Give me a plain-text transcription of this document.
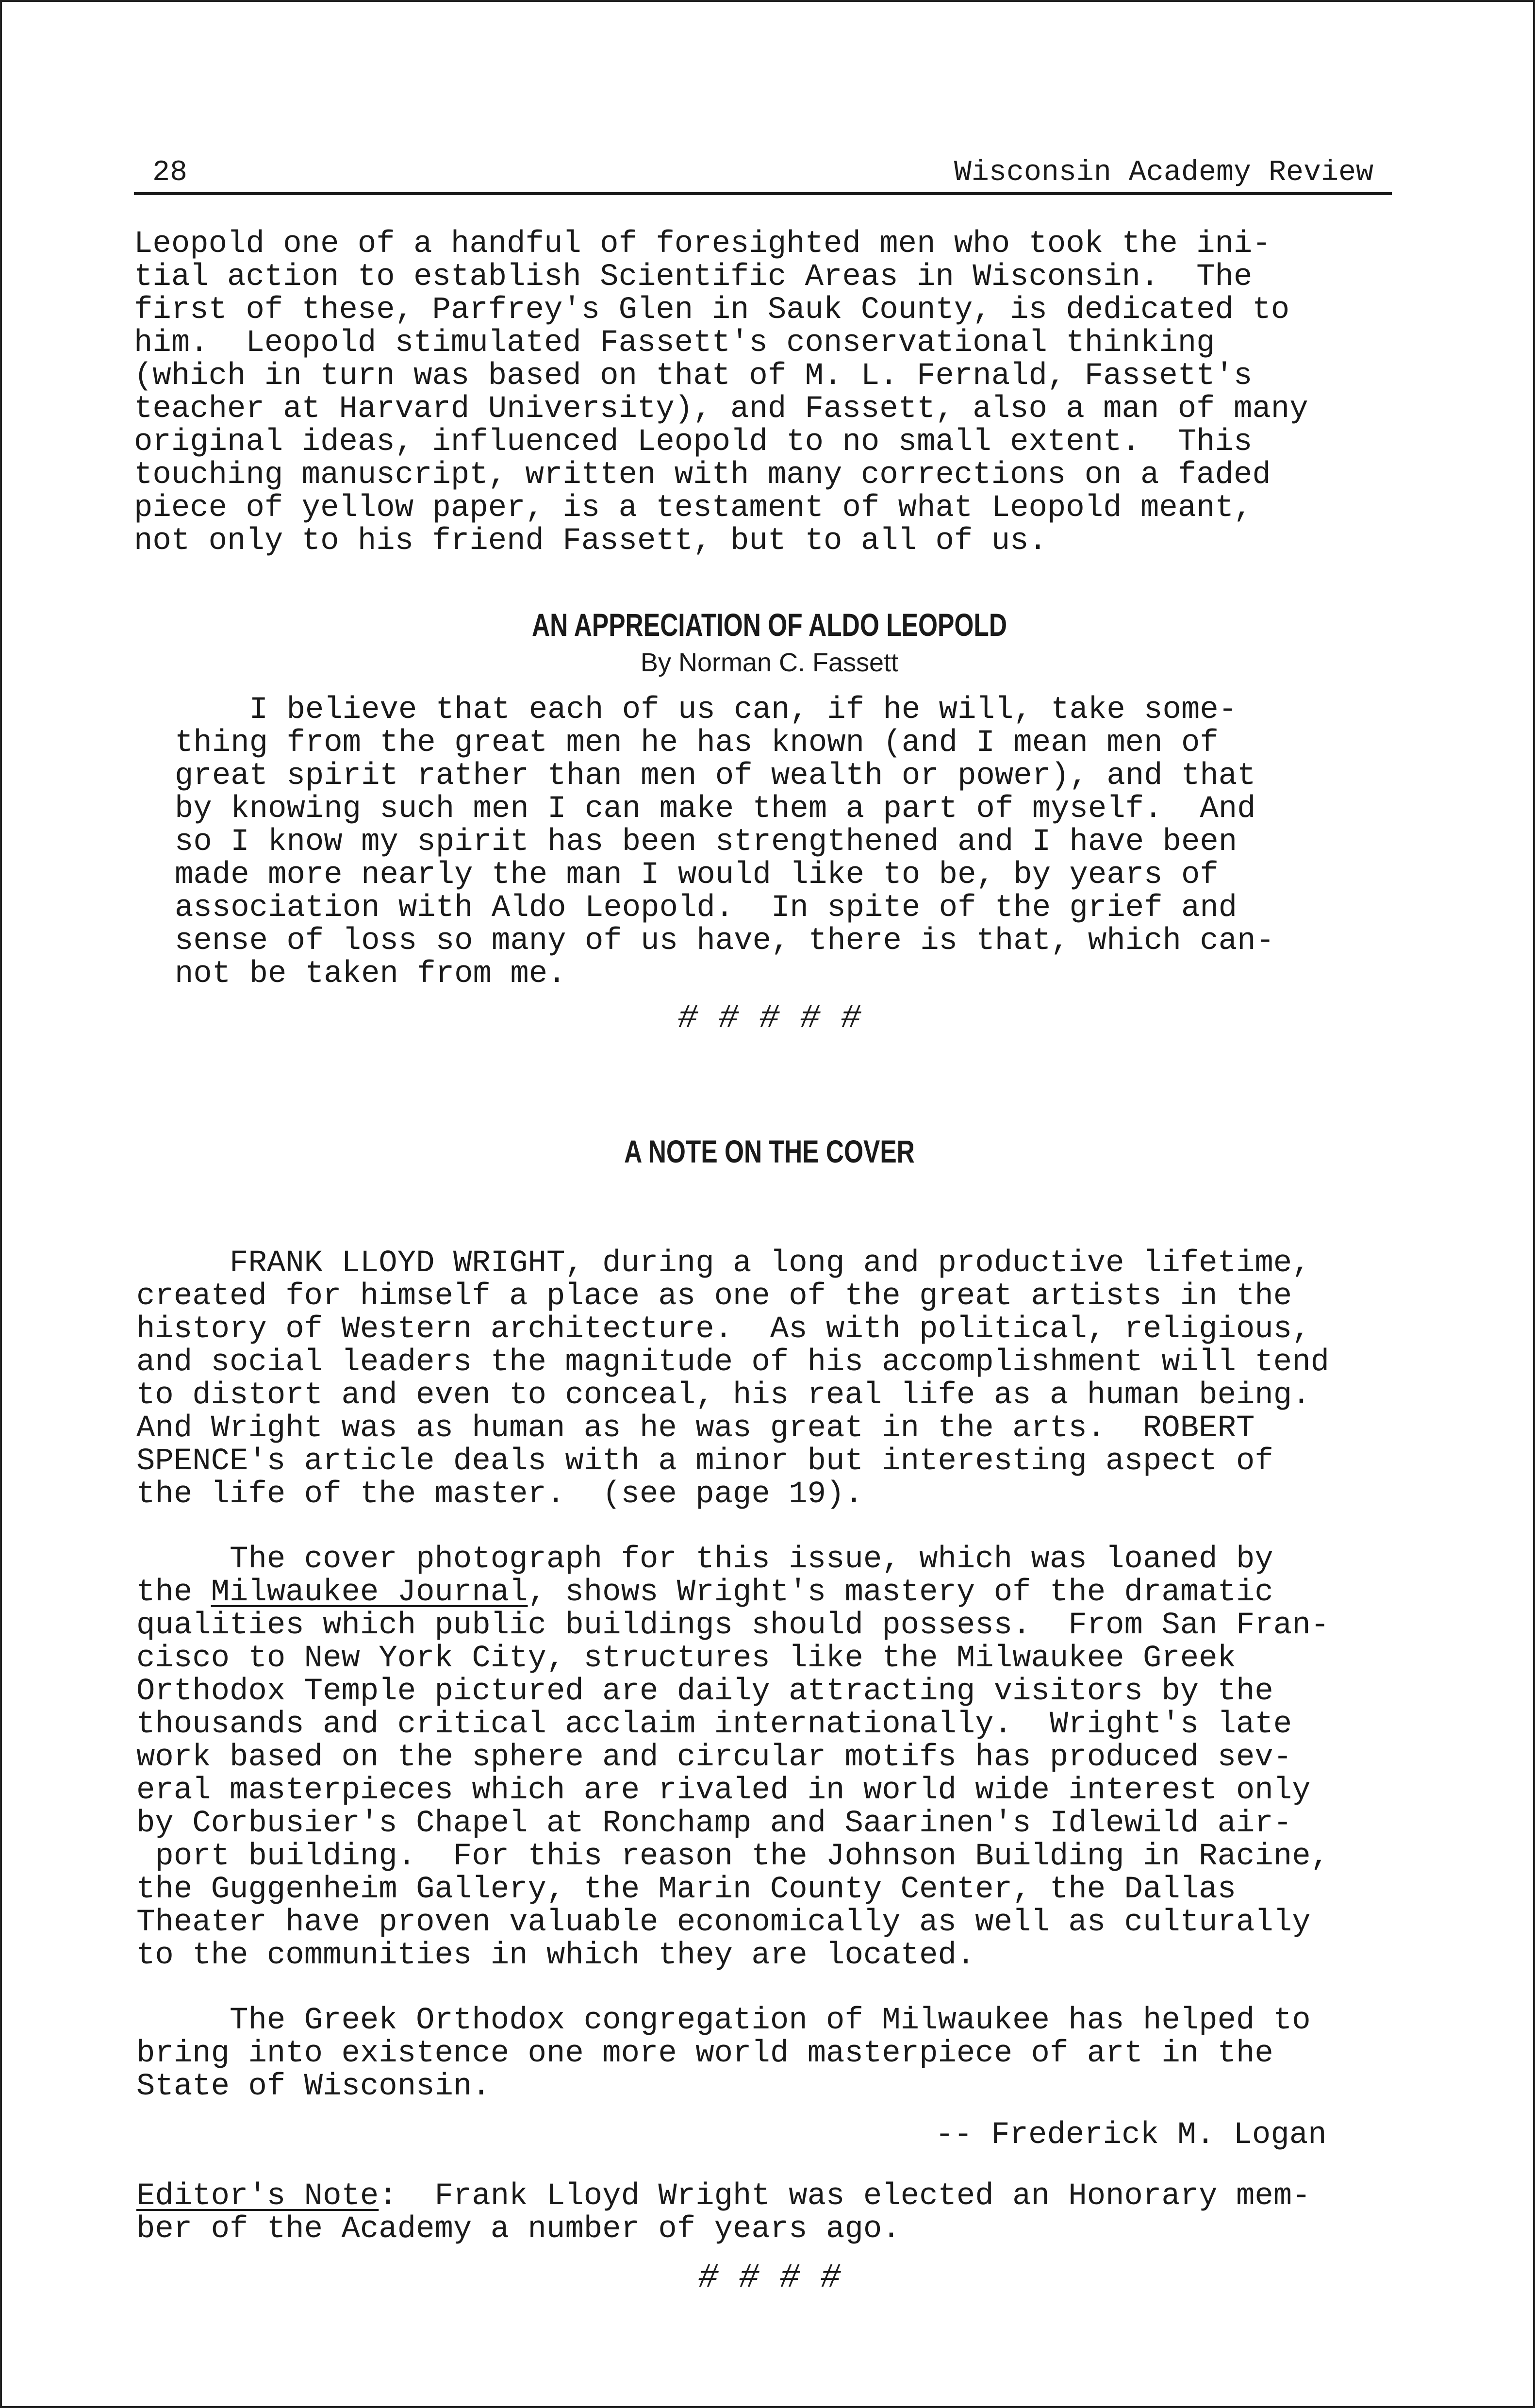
28	Wisconsin Academy Review
Leopold one of a handful of foresighted men who took the ini-
tial action to establish Scientific Areas in Wisconsin.  The
first of these, Parfrey's Glen in Sauk County, is dedicated to
him.  Leopold stimulated Fassett's conservational thinking
(which in turn was based on that of M. L. Fernald, Fassett's
teacher at Harvard University), and Fassett, also a man of many
original ideas, influenced Leopold to no small extent.  This
touching manuscript, written with many corrections on a faded
piece of yellow paper, is a testament of what Leopold meant,
not only to his friend Fassett, but to all of us.
AN APPRECIATION OF ALDO LEOPOLD
By Norman C. Fassett
I believe that each of us can, if he will, take some-
thing from the great men he has known (and I mean men of
great spirit rather than men of wealth or power), and that
by knowing such men I can make them a part of myself.  And
so I know my spirit has been strengthened and I have been
made more nearly the man I would like to be, by years of
association with Aldo Leopold.  In spite of the grief and
sense of loss so many of us have, there is that, which can-
not be taken from me.
# # # # #
A NOTE ON THE COVER
FRANK LLOYD WRIGHT, during a long and productive lifetime,
created for himself a place as one of the great artists in the
history of Western architecture.  As with political, religious,
and social leaders the magnitude of his accomplishment will tend
to distort and even to conceal, his real life as a human being.
And Wright was as human as he was great in the arts.  ROBERT
SPENCE's article deals with a minor but interesting aspect of
the life of the master.  (see page 19).
The cover photograph for this issue, which was loaned by
the Milwaukee Journal, shows Wright's mastery of the dramatic
qualities which public buildings should possess.  From San Fran-
cisco to New York City, structures like the Milwaukee Greek
Orthodox Temple pictured are daily attracting visitors by the
thousands and critical acclaim internationally.  Wright's late
work based on the sphere and circular motifs has produced sev-
eral masterpieces which are rivaled in world wide interest only
by Corbusier's Chapel at Ronchamp and Saarinen's Idlewild air-
port building.  For this reason the Johnson Building in Racine,
the Guggenheim Gallery, the Marin County Center, the Dallas
Theater have proven valuable economically as well as culturally
to the communities in which they are located.
The Greek Orthodox congregation of Milwaukee has helped to
bring into existence one more world masterpiece of art in the
State of Wisconsin.
-- Frederick M. Logan
Editor's Note:  Frank Lloyd Wright was elected an Honorary mem-
ber of the Academy a number of years ago.
# # # #
